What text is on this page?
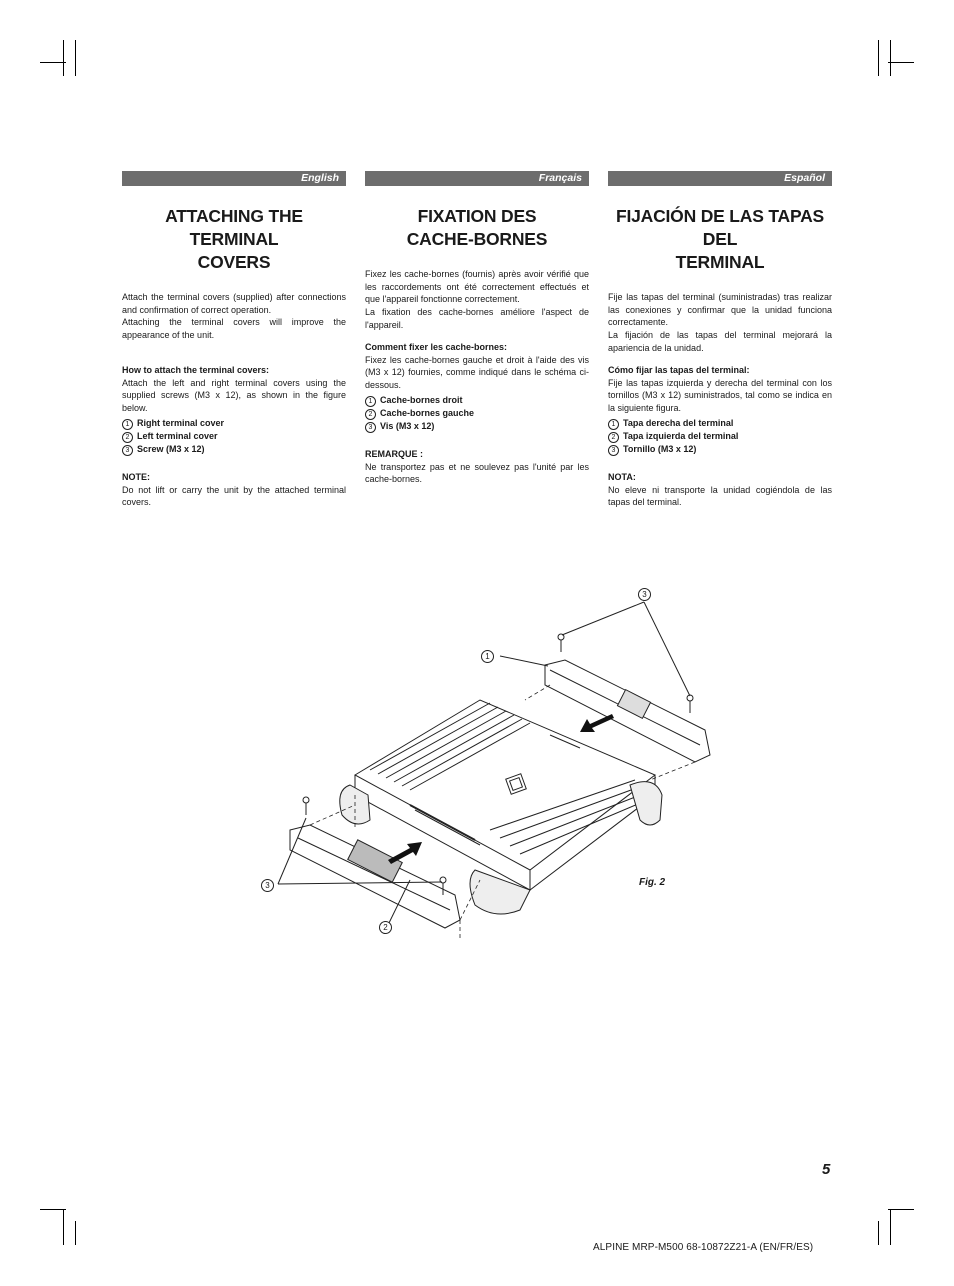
English
ATTACHING THE TERMINAL
COVERS

Attach the terminal covers (supplied) after connections and confirmation of correct operation.

Attaching the terminal covers will improve the appearance of the unit.

How to attach the terminal covers:
Attach the left and right terminal covers using the supplied screws (M3 x 12), as shown in the figure below.
1 Right terminal cover
2 Left terminal cover
3 Screw (M3 x 12)
NOTE:
Do not lift or carry the unit by the attached terminal covers.
Français
FIXATION DES
CACHE-BORNES

Fixez les cache-bornes (fournis) après avoir vérifié que les raccordements ont été correctement effectués et que l'appareil fonctionne correctement.

La fixation des cache-bornes améliore l'aspect de l'appareil.

Comment fixer les cache-bornes:
Fixez les cache-bornes gauche et droit à l'aide des vis (M3 x 12) fournies, comme indiqué dans le schéma ci-dessous.
1 Cache-bornes droit
2 Cache-bornes gauche
3 Vis (M3 x 12)
REMARQUE :
Ne transportez pas et ne soulevez pas l'unité par les cache-bornes.
Español
FIJACIÓN DE LAS TAPAS DEL
TERMINAL

Fije las tapas del terminal (suministradas) tras realizar las conexiones y confirmar que la unidad funciona correctamente.

La fijación de las tapas del terminal mejorará la apariencia de la unidad.

Cómo fijar las tapas del terminal:
Fije las tapas izquierda y derecha del terminal con los tornillos (M3 x 12) suministrados, tal como se indica en la siguiente figura.
1 Tapa derecha del terminal
2 Tapa izquierda del terminal
3 Tornillo (M3 x 12)
NOTA:
No eleve ni transporte la unidad cogiéndola de las tapas del terminal.
1
2
3
3	Fig. 2
5
ALPINE MRP-M500 68-10872Z21-A (EN/FR/ES)
